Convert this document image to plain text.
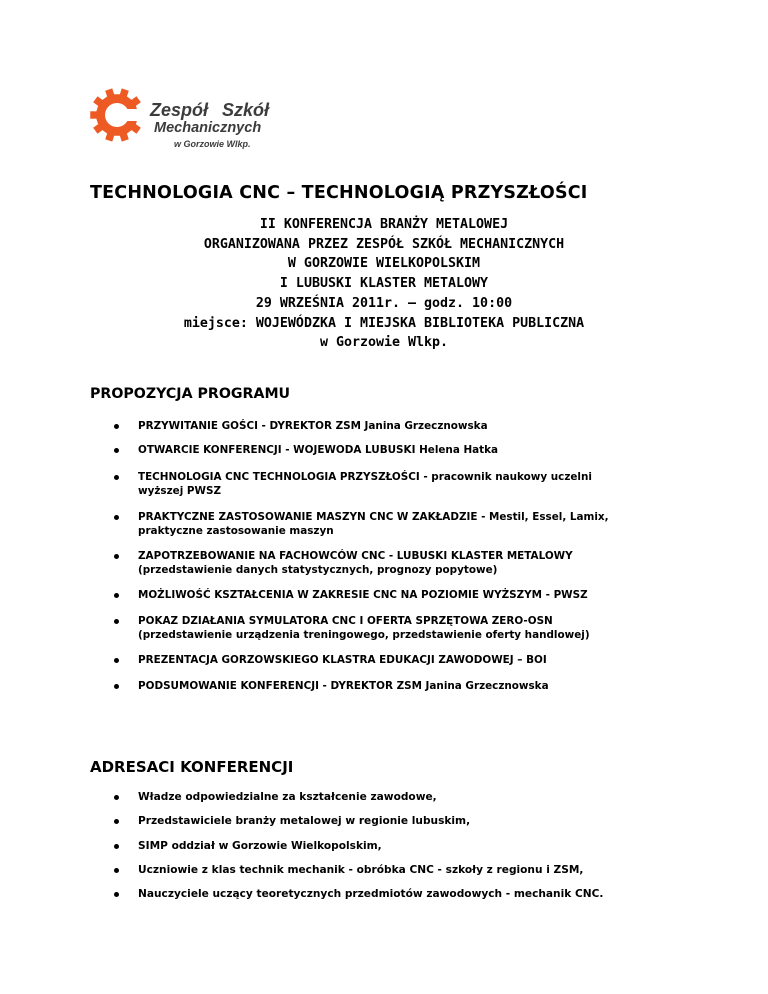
Zespół Szkół
Mechanicznych
w Gorzowie Wlkp.
TECHNOLOGIA CNC – TECHNOLOGIĄ PRZYSZŁOŚCI
II KONFERENCJA BRANŻY METALOWEJ
ORGANIZOWANA PRZEZ ZESPÓŁ SZKÓŁ MECHANICZNYCH
W GORZOWIE WIELKOPOLSKIM
I LUBUSKI KLASTER METALOWY
29 WRZEŚNIA 2011r. – godz. 10:00
miejsce: WOJEWÓDZKA I MIEJSKA BIBLIOTEKA PUBLICZNA
w Gorzowie Wlkp.
PROPOZYCJA PROGRAMU
PRZYWITANIE GOŚCI - DYREKTOR ZSM Janina Grzecznowska
OTWARCIE KONFERENCJI - WOJEWODA LUBUSKI Helena Hatka
TECHNOLOGIA CNC TECHNOLOGIA PRZYSZŁOŚCI - pracownik naukowy uczelni
wyższej PWSZ
PRAKTYCZNE ZASTOSOWANIE MASZYN CNC W ZAKŁADZIE - Mestil, Essel, Lamix,
praktyczne zastosowanie maszyn
ZAPOTRZEBOWANIE NA FACHOWCÓW CNC - LUBUSKI KLASTER METALOWY
(przedstawienie danych statystycznych, prognozy popytowe)
MOŻLIWOŚĆ KSZTAŁCENIA W ZAKRESIE CNC NA POZIOMIE WYŻSZYM - PWSZ
POKAZ DZIAŁANIA SYMULATORA CNC I OFERTA SPRZĘTOWA ZERO-OSN
(przedstawienie urządzenia treningowego, przedstawienie oferty handlowej)
PREZENTACJA GORZOWSKIEGO KLASTRA EDUKACJI ZAWODOWEJ – BOI
PODSUMOWANIE KONFERENCJI - DYREKTOR ZSM Janina Grzecznowska
ADRESACI KONFERENCJI
Władze odpowiedzialne za kształcenie zawodowe,
Przedstawiciele branży metalowej w regionie lubuskim,
SIMP oddział w Gorzowie Wielkopolskim,
Uczniowie z klas technik mechanik - obróbka CNC - szkoły z regionu i ZSM,
Nauczyciele uczący teoretycznych przedmiotów zawodowych - mechanik CNC.
